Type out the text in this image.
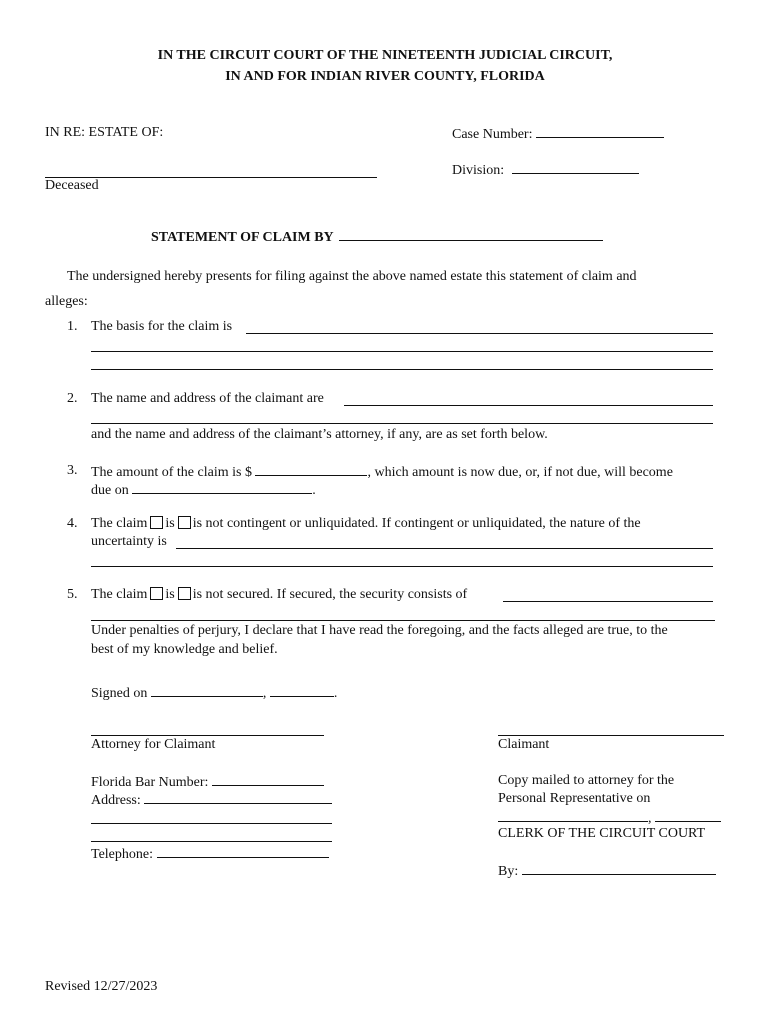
IN THE CIRCUIT COURT OF THE NINETEENTH JUDICIAL CIRCUIT,
IN AND FOR INDIAN RIVER COUNTY, FLORIDA
IN RE: ESTATE OF:	Case Number:
Division:
Deceased
STATEMENT OF CLAIM BY
The undersigned hereby presents for filing against the above named estate this statement of claim and
alleges:
1. The basis for the claim is
2. The name and address of the claimant are
and the name and address of the claimant’s attorney, if any, are as set forth below.
3. The amount of the claim is $	, which amount is now due, or, if not due, will become
due on	.
4. The claim is is not contingent or unliquidated. If contingent or unliquidated, the nature of the
uncertainty is
5. The claim is is not secured. If secured, the security consists of
Under penalties of perjury, I declare that I have read the foregoing, and the facts alleged are true, to the
best of my knowledge and belief.
Signed on	,	.
Attorney for Claimant
Florida Bar Number:
Address:
Telephone:
Claimant
Copy mailed to attorney for the
Personal Representative on
,
CLERK OF THE CIRCUIT COURT
By:
Revised 12/27/2023
